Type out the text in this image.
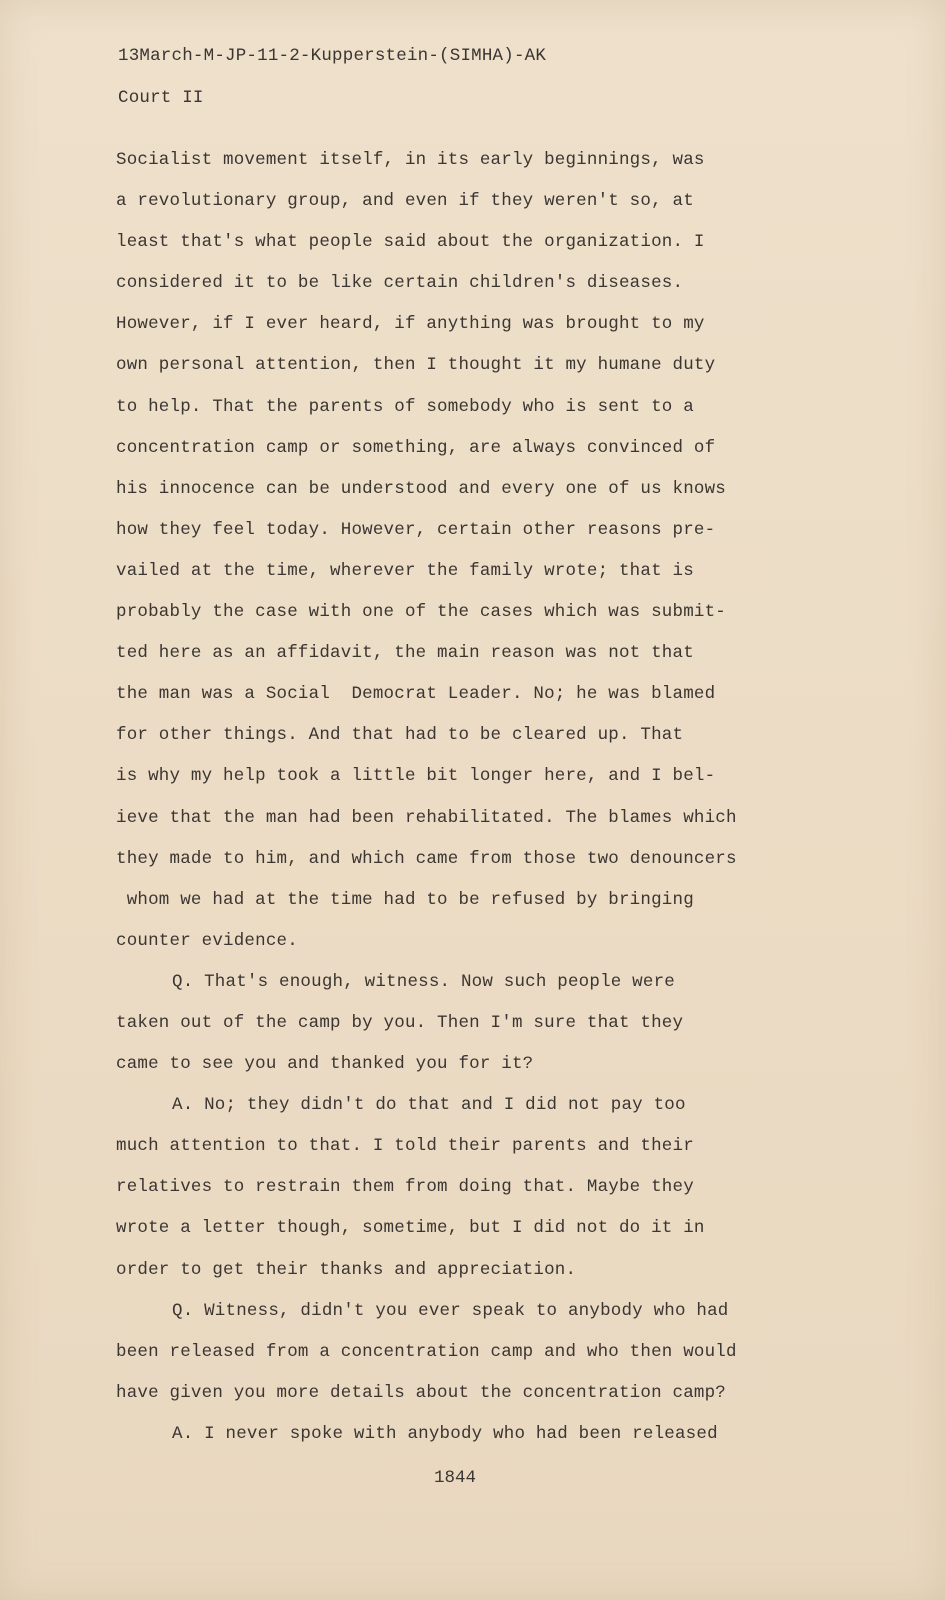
13March-M-JP-11-2-Kupperstein-(SIMHA)-AK
Court II
Socialist movement itself, in its early beginnings, was
a revolutionary group, and even if they weren't so, at
least that's what people said about the organization. I
considered it to be like certain children's diseases.
However, if I ever heard, if anything was brought to my
own personal attention, then I thought it my humane duty
to help. That the parents of somebody who is sent to a
concentration camp or something, are always convinced of
his innocence can be understood and every one of us knows
how they feel today. However, certain other reasons pre-
vailed at the time, wherever the family wrote; that is
probably the case with one of the cases which was submit-
ted here as an affidavit, the main reason was not that
the man was a Social  Democrat Leader. No; he was blamed
for other things. And that had to be cleared up. That
is why my help took a little bit longer here, and I bel-
ieve that the man had been rehabilitated. The blames which
they made to him, and which came from those two denouncers
whom we had at the time had to be refused by bringing
counter evidence.
Q. That's enough, witness. Now such people were
taken out of the camp by you. Then I'm sure that they
came to see you and thanked you for it?
A. No; they didn't do that and I did not pay too
much attention to that. I told their parents and their
relatives to restrain them from doing that. Maybe they
wrote a letter though, sometime, but I did not do it in
order to get their thanks and appreciation.
Q. Witness, didn't you ever speak to anybody who had
been released from a concentration camp and who then would
have given you more details about the concentration camp?
A. I never spoke with anybody who had been released
1844
